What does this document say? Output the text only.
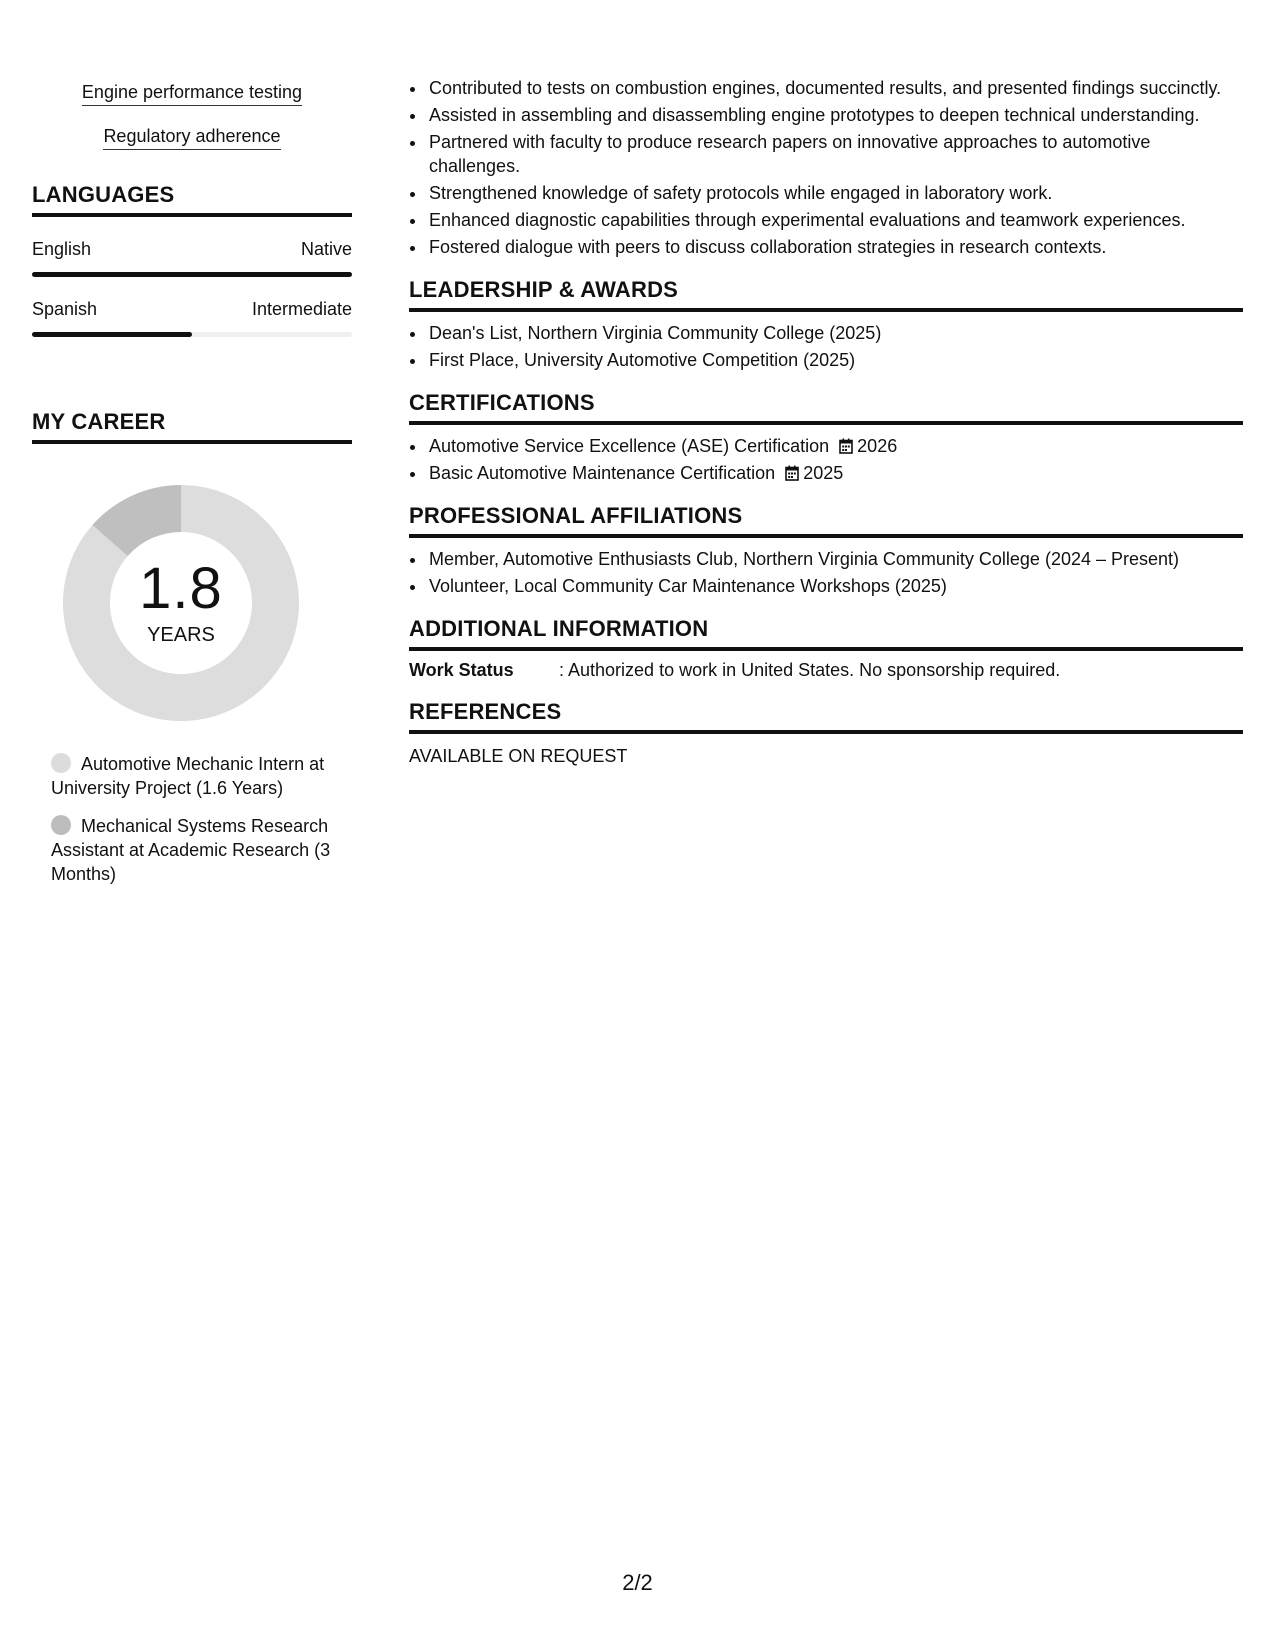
Engine performance testing
Regulatory adherence
LANGUAGES
English	Native
Spanish	Intermediate
MY CAREER
1.8
YEARS
Automotive Mechanic Intern at University Project (1.6 Years)
Mechanical Systems Research Assistant at Academic Research (3 Months)
• Contributed to tests on combustion engines, documented results, and presented findings succinctly.
• Assisted in assembling and disassembling engine prototypes to deepen technical understanding.
• Partnered with faculty to produce research papers on innovative approaches to automotive challenges.
• Strengthened knowledge of safety protocols while engaged in laboratory work.
• Enhanced diagnostic capabilities through experimental evaluations and teamwork experiences.
• Fostered dialogue with peers to discuss collaboration strategies in research contexts.
LEADERSHIP & AWARDS
• Dean's List, Northern Virginia Community College (2025)
• First Place, University Automotive Competition (2025)
CERTIFICATIONS
• Automotive Service Excellence (ASE) Certification 2026
• Basic Automotive Maintenance Certification 2025
PROFESSIONAL AFFILIATIONS
• Member, Automotive Enthusiasts Club, Northern Virginia Community College (2024 – Present)
• Volunteer, Local Community Car Maintenance Workshops (2025)
ADDITIONAL INFORMATION
Work Status	: Authorized to work in United States. No sponsorship required.
REFERENCES
AVAILABLE ON REQUEST
2/2
